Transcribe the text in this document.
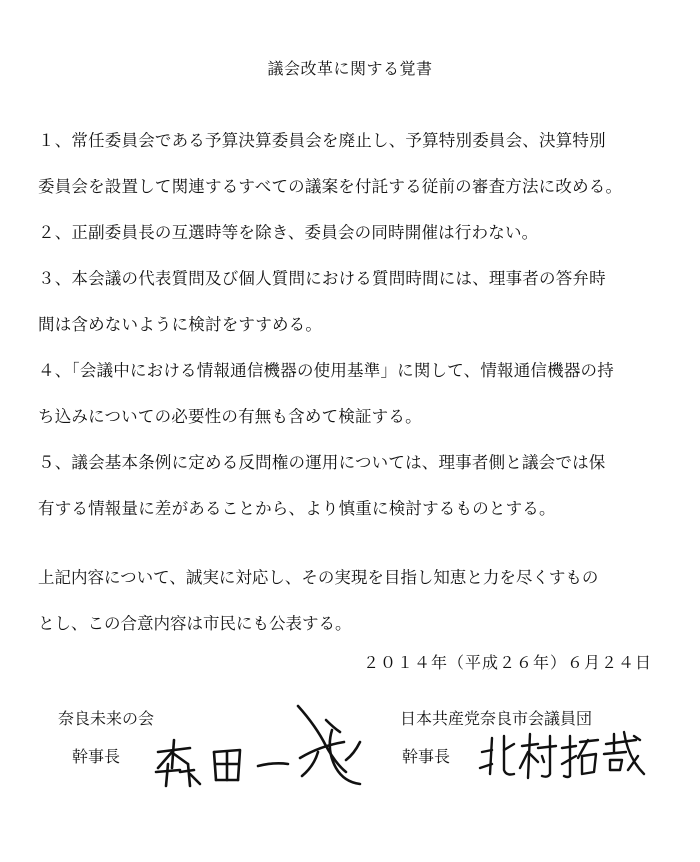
議会改革に関する覚書
１、常任委員会である予算決算委員会を廃止し、予算特別委員会、決算特別
委員会を設置して関連するすべての議案を付託する従前の審査方法に改める。
２、正副委員長の互選時等を除き、委員会の同時開催は行わない。
３、本会議の代表質問及び個人質問における質問時間には、理事者の答弁時
間は含めないように検討をすすめる。
４、「会議中における情報通信機器の使用基準」に関して、情報通信機器の持
ち込みについての必要性の有無も含めて検証する。
５、議会基本条例に定める反問権の運用については、理事者側と議会では保
有する情報量に差があることから、より慎重に検討するものとする。
上記内容について、誠実に対応し、その実現を目指し知恵と力を尽くすもの
とし、この合意内容は市民にも公表する。
２０１４年（平成２６年）６月２４日
奈良未来の会
幹事長
日本共産党奈良市会議員団
幹事長
